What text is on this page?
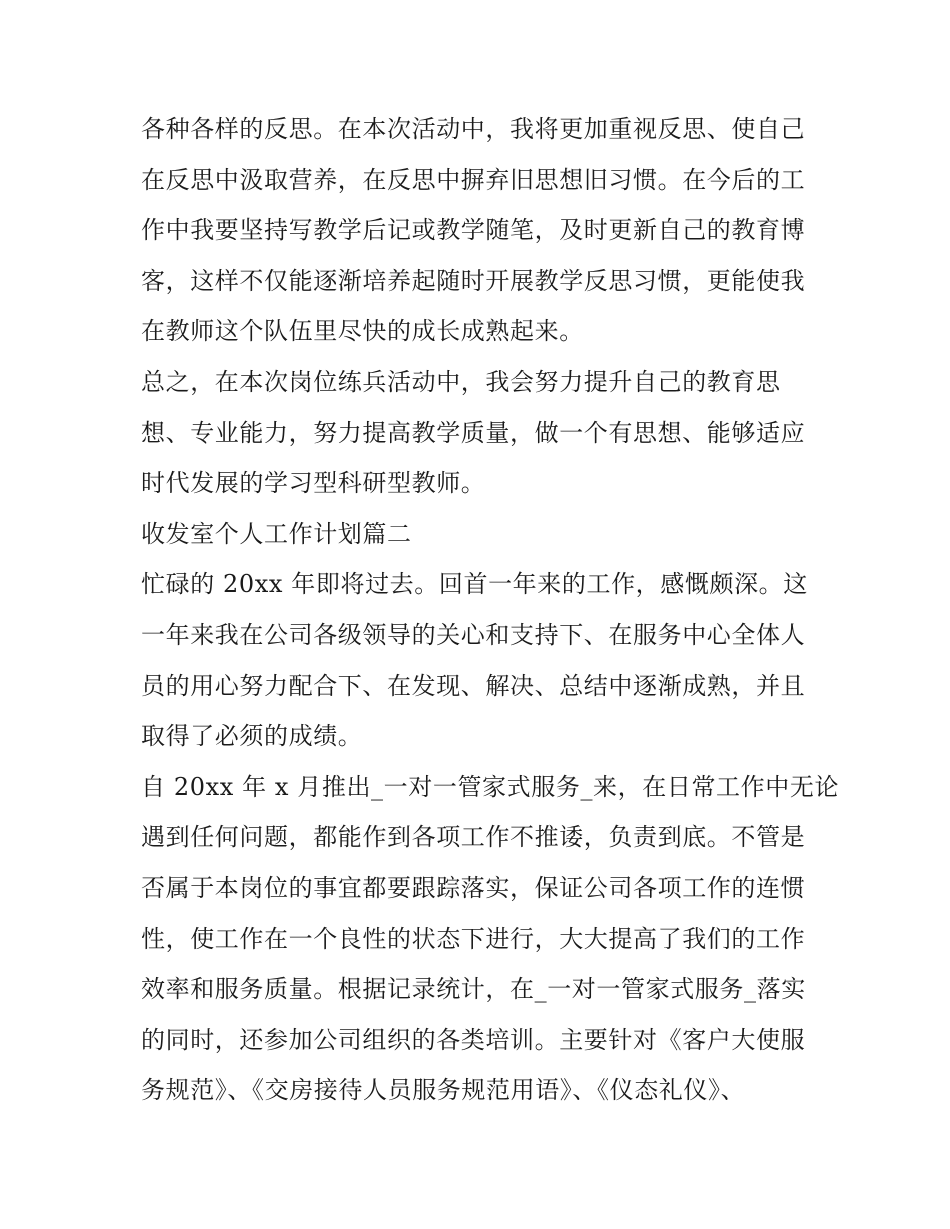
各种各样的反思。在本次活动中，我将更加重视反思、使自己
在反思中汲取营养，在反思中摒弃旧思想旧习惯。在今后的工
作中我要坚持写教学后记或教学随笔，及时更新自己的教育博
客，这样不仅能逐渐培养起随时开展教学反思习惯，更能使我
在教师这个队伍里尽快的成长成熟起来。
总之，在本次岗位练兵活动中，我会努力提升自己的教育思
想、专业能力，努力提高教学质量，做一个有思想、能够适应
时代发展的学习型科研型教师。
收发室个人工作计划篇二
忙碌的 20xx 年即将过去。回首一年来的工作，感慨颇深。这
一年来我在公司各级领导的关心和支持下、在服务中心全体人
员的用心努力配合下、在发现、解决、总结中逐渐成熟，并且
取得了必须的成绩。
自 20xx 年 x 月推出_一对一管家式服务_来，在日常工作中无论
遇到任何问题，都能作到各项工作不推诿，负责到底。不管是
否属于本岗位的事宜都要跟踪落实，保证公司各项工作的连惯
性，使工作在一个良性的状态下进行，大大提高了我们的工作
效率和服务质量。根据记录统计，在_一对一管家式服务_落实
的同时，还参加公司组织的各类培训。主要针对《客户大使服
务规范》、《交房接待人员服务规范用语》、《仪态礼仪》、
